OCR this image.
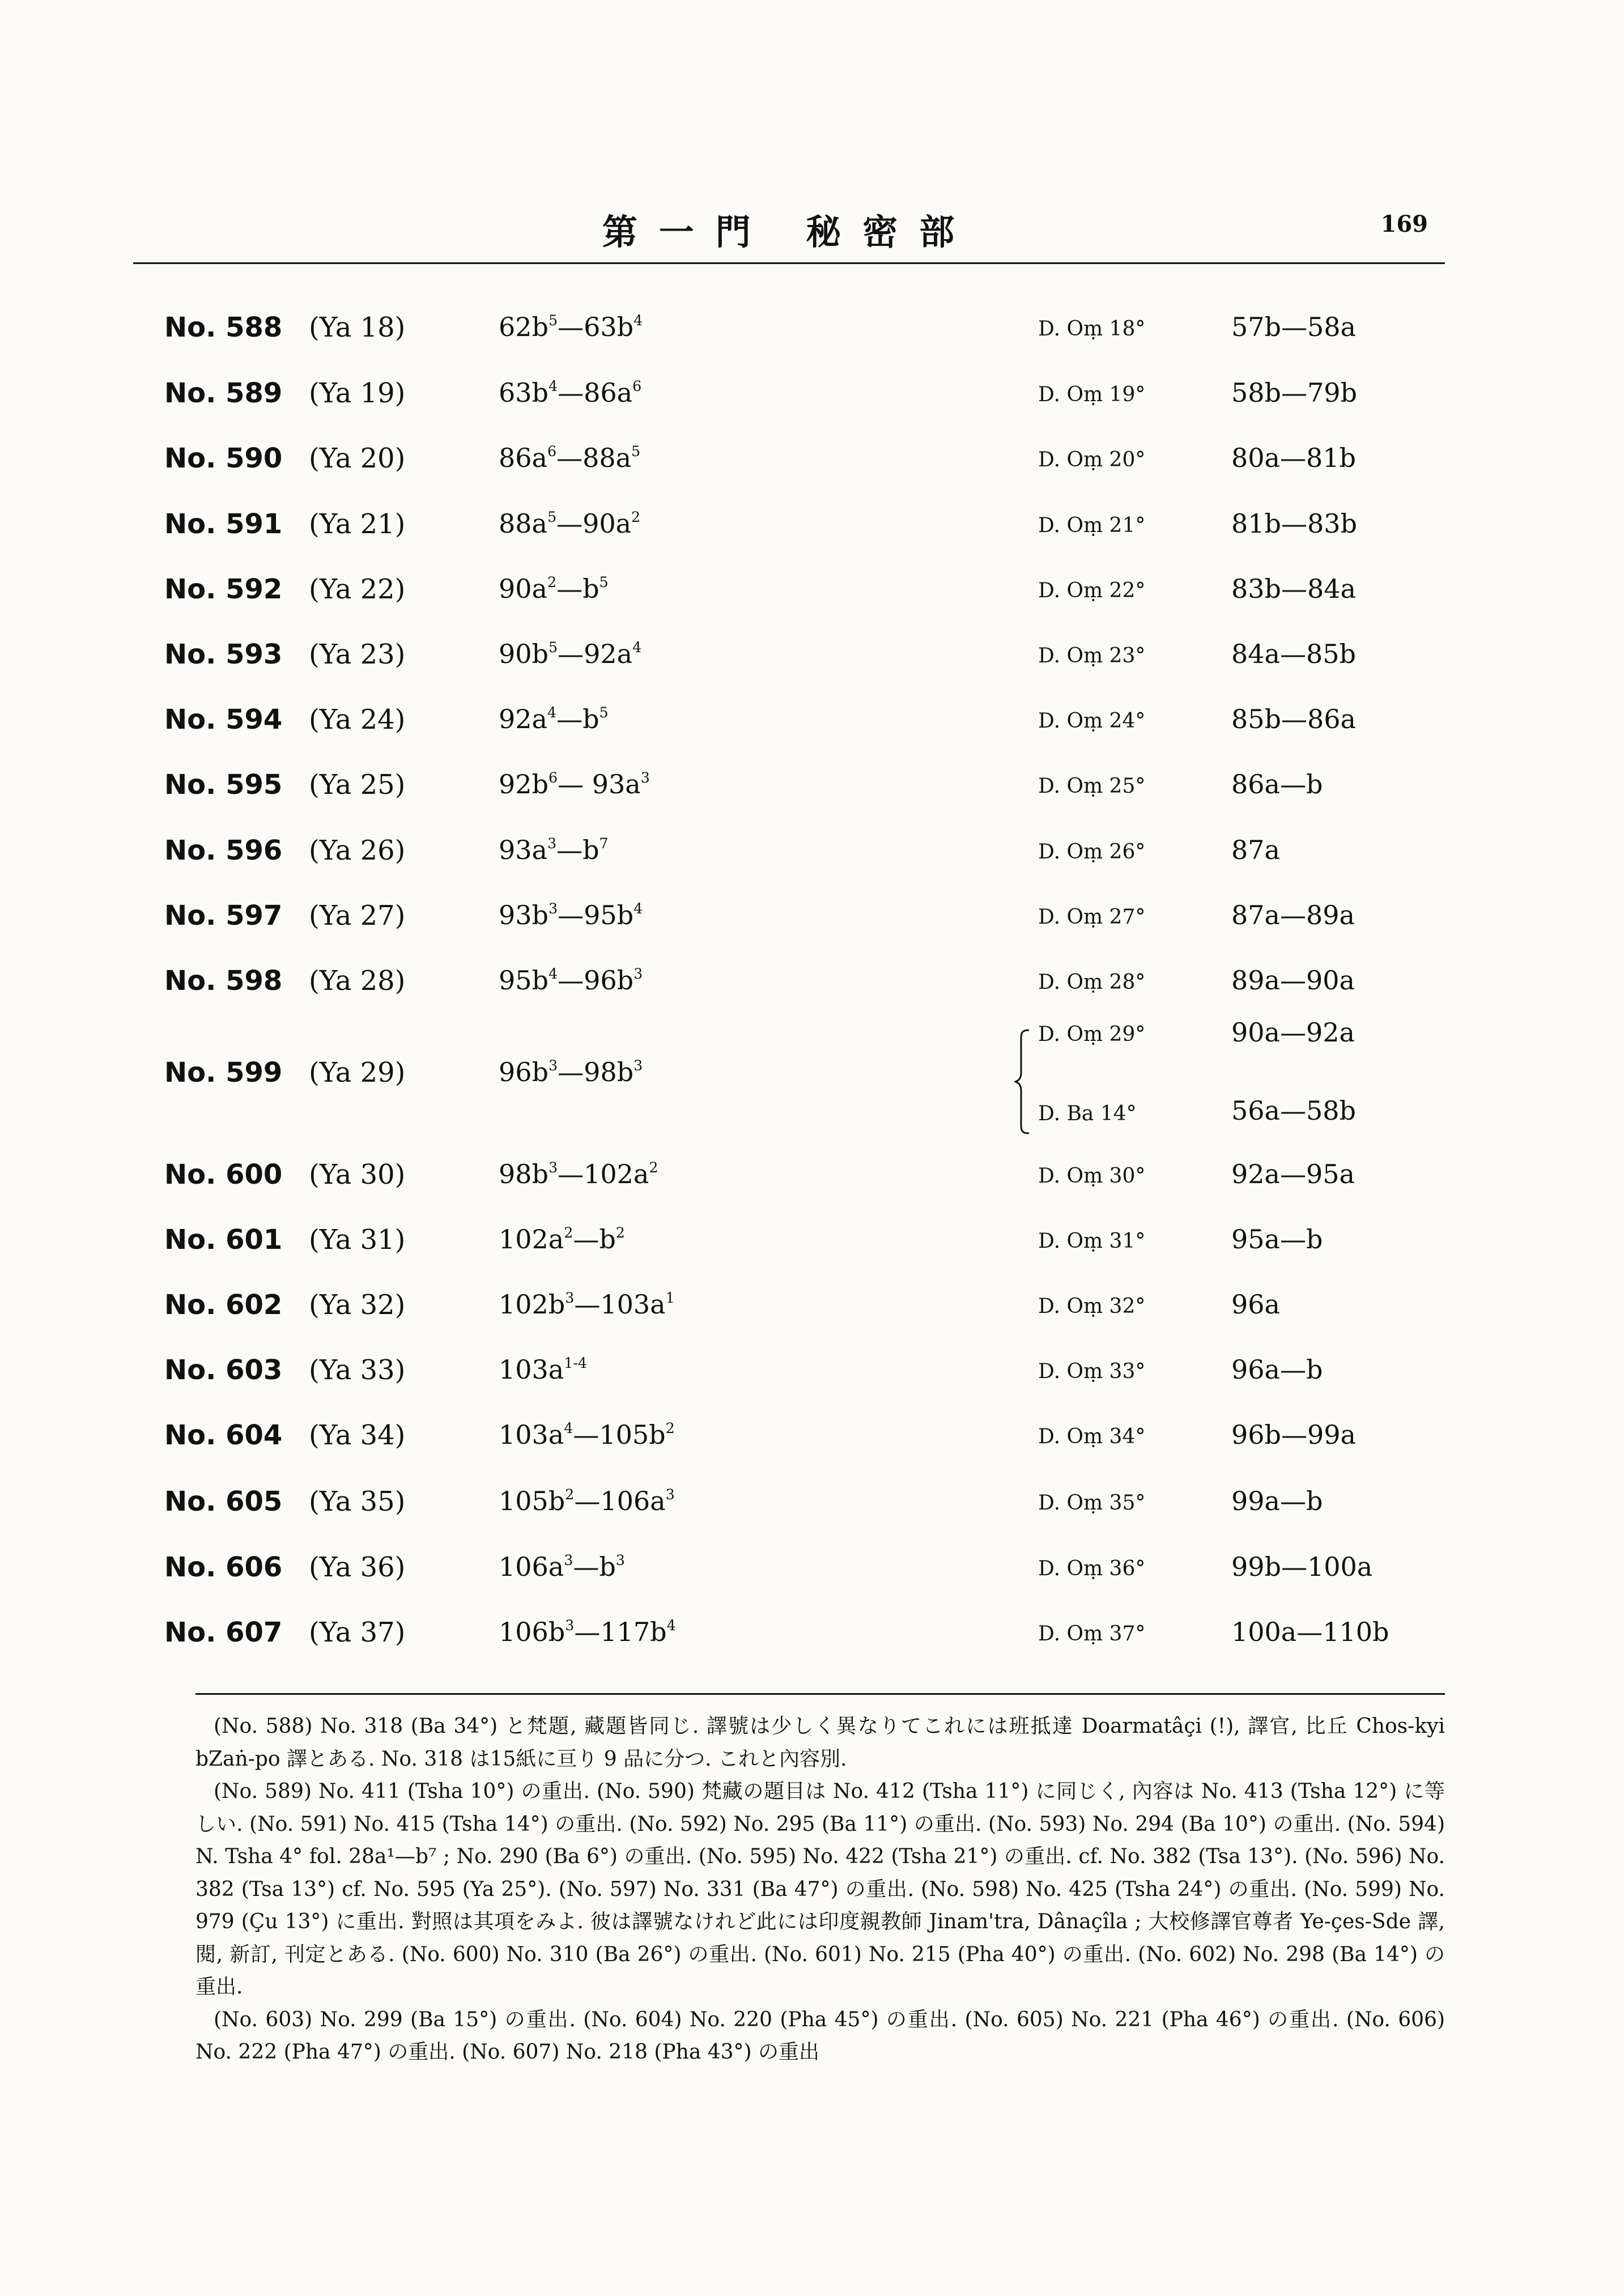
第一門 秘密部	169
No. 588 (Ya 18)	$62b^5—63b^4$	D. Oṃ 18°	57b—58a
No. 589 (Ya 19)	$63b^4—86a^6$	D. Oṃ 19°	58b—79b
No. 590 (Ya 20)	$86a^6—88a^5$	D. Oṃ 20°	80a—81b
No. 591 (Ya 21)	$88a^5—90a^2$	D. Oṃ 21°	81b—83b
No. 592 (Ya 22)	$90a^2—b^5$	D. Oṃ 22°	83b—84a
No. 593 (Ya 23)	$90b^5—92a^4$	D. Oṃ 23°	84a—85b
No. 594 (Ya 24)	$92a^4—b^5$	D. Oṃ 24°	85b—86a
No. 595 (Ya 25)	$92b^6—$ $93a^3$	D. Oṃ 25°	86a—b
No. 596 (Ya 26)	$93a^3—b^7$	D. Oṃ 26°	87a
No. 597 (Ya 27)	$93b^3—95b^4$	D. Oṃ 27°	87a—89a
No. 598 (Ya 28)	$95b^4—96b^3$	D. Oṃ 28°	89a—90a
No. 599 (Ya 29)	$96b^3—98b^3$
D. Oṃ 29°	90a—92a
D. Ba 14°	56a—58b
No. 600 (Ya 30)	$98b^3—102a^2$	D. Oṃ 30°	92a—95a
No. 601 (Ya 31)	$102a^2—b^2$	D. Oṃ 31°	95a—b
No. 602 (Ya 32)	$102b^3—103a^1$	D. Oṃ 32°	96a
No. 603 (Ya 33)	$103a^{1-4}$	D. Oṃ 33°	96a—b
No. 604 (Ya 34)	$103a^4—105b^2$	D. Oṃ 34°	96b—99a
No. 605 (Ya 35)	$105b^2—106a^3$	D. Oṃ 35°	99a—b
No. 606 (Ya 36)	$106a^3—b^3$	D. Oṃ 36°	99b—100a
No. 607 (Ya 37)	$106b^3—117b^4$	D. Oṃ 37°	100a—110b

(No. 588) No. 318 (Ba 34°) と梵題, 藏題皆同じ. 譯號は少しく異なりてこれには班抵達 Doarmatâçi (!), 譯官, 比丘 Chos-kyi bZaṅ-po 譯とある. No. 318 は15紙に亘り 9 品に分つ. これと內容別.

(No. 589) No. 411 (Tsha 10°) の重出. (No. 590) 梵藏の題目は No. 412 (Tsha 11°) に同じく, 內容は No. 413 (Tsha 12°) に等しい. (No. 591) No. 415 (Tsha 14°) の重出. (No. 592) No. 295 (Ba 11°) の重出. (No. 593) No. 294 (Ba 10°) の重出. (No. 594) N. Tsha 4° fol. 28a¹—b⁷ ; No. 290 (Ba 6°) の重出. (No. 595) No. 422 (Tsha 21°) の重出. cf. No. 382 (Tsa 13°). (No. 596) No. 382 (Tsa 13°) cf. No. 595 (Ya 25°). (No. 597) No. 331 (Ba 47°) の重出. (No. 598) No. 425 (Tsha 24°) の重出. (No. 599) No. 979 (Çu 13°) に重出. 對照は其項をみよ. 彼は譯號なけれど此には印度親教師 Jinam'tra, Dânaçîla ; 大校修譯官尊者 Ye-çes-Sde 譯, 閱, 新訂, 刊定とある. (No. 600) No. 310 (Ba 26°) の重出. (No. 601) No. 215 (Pha 40°) の重出. (No. 602) No. 298 (Ba 14°) の重出.

(No. 603) No. 299 (Ba 15°) の重出. (No. 604) No. 220 (Pha 45°) の重出. (No. 605) No. 221 (Pha 46°) の重出. (No. 606) No. 222 (Pha 47°) の重出. (No. 607) No. 218 (Pha 43°) の重出
